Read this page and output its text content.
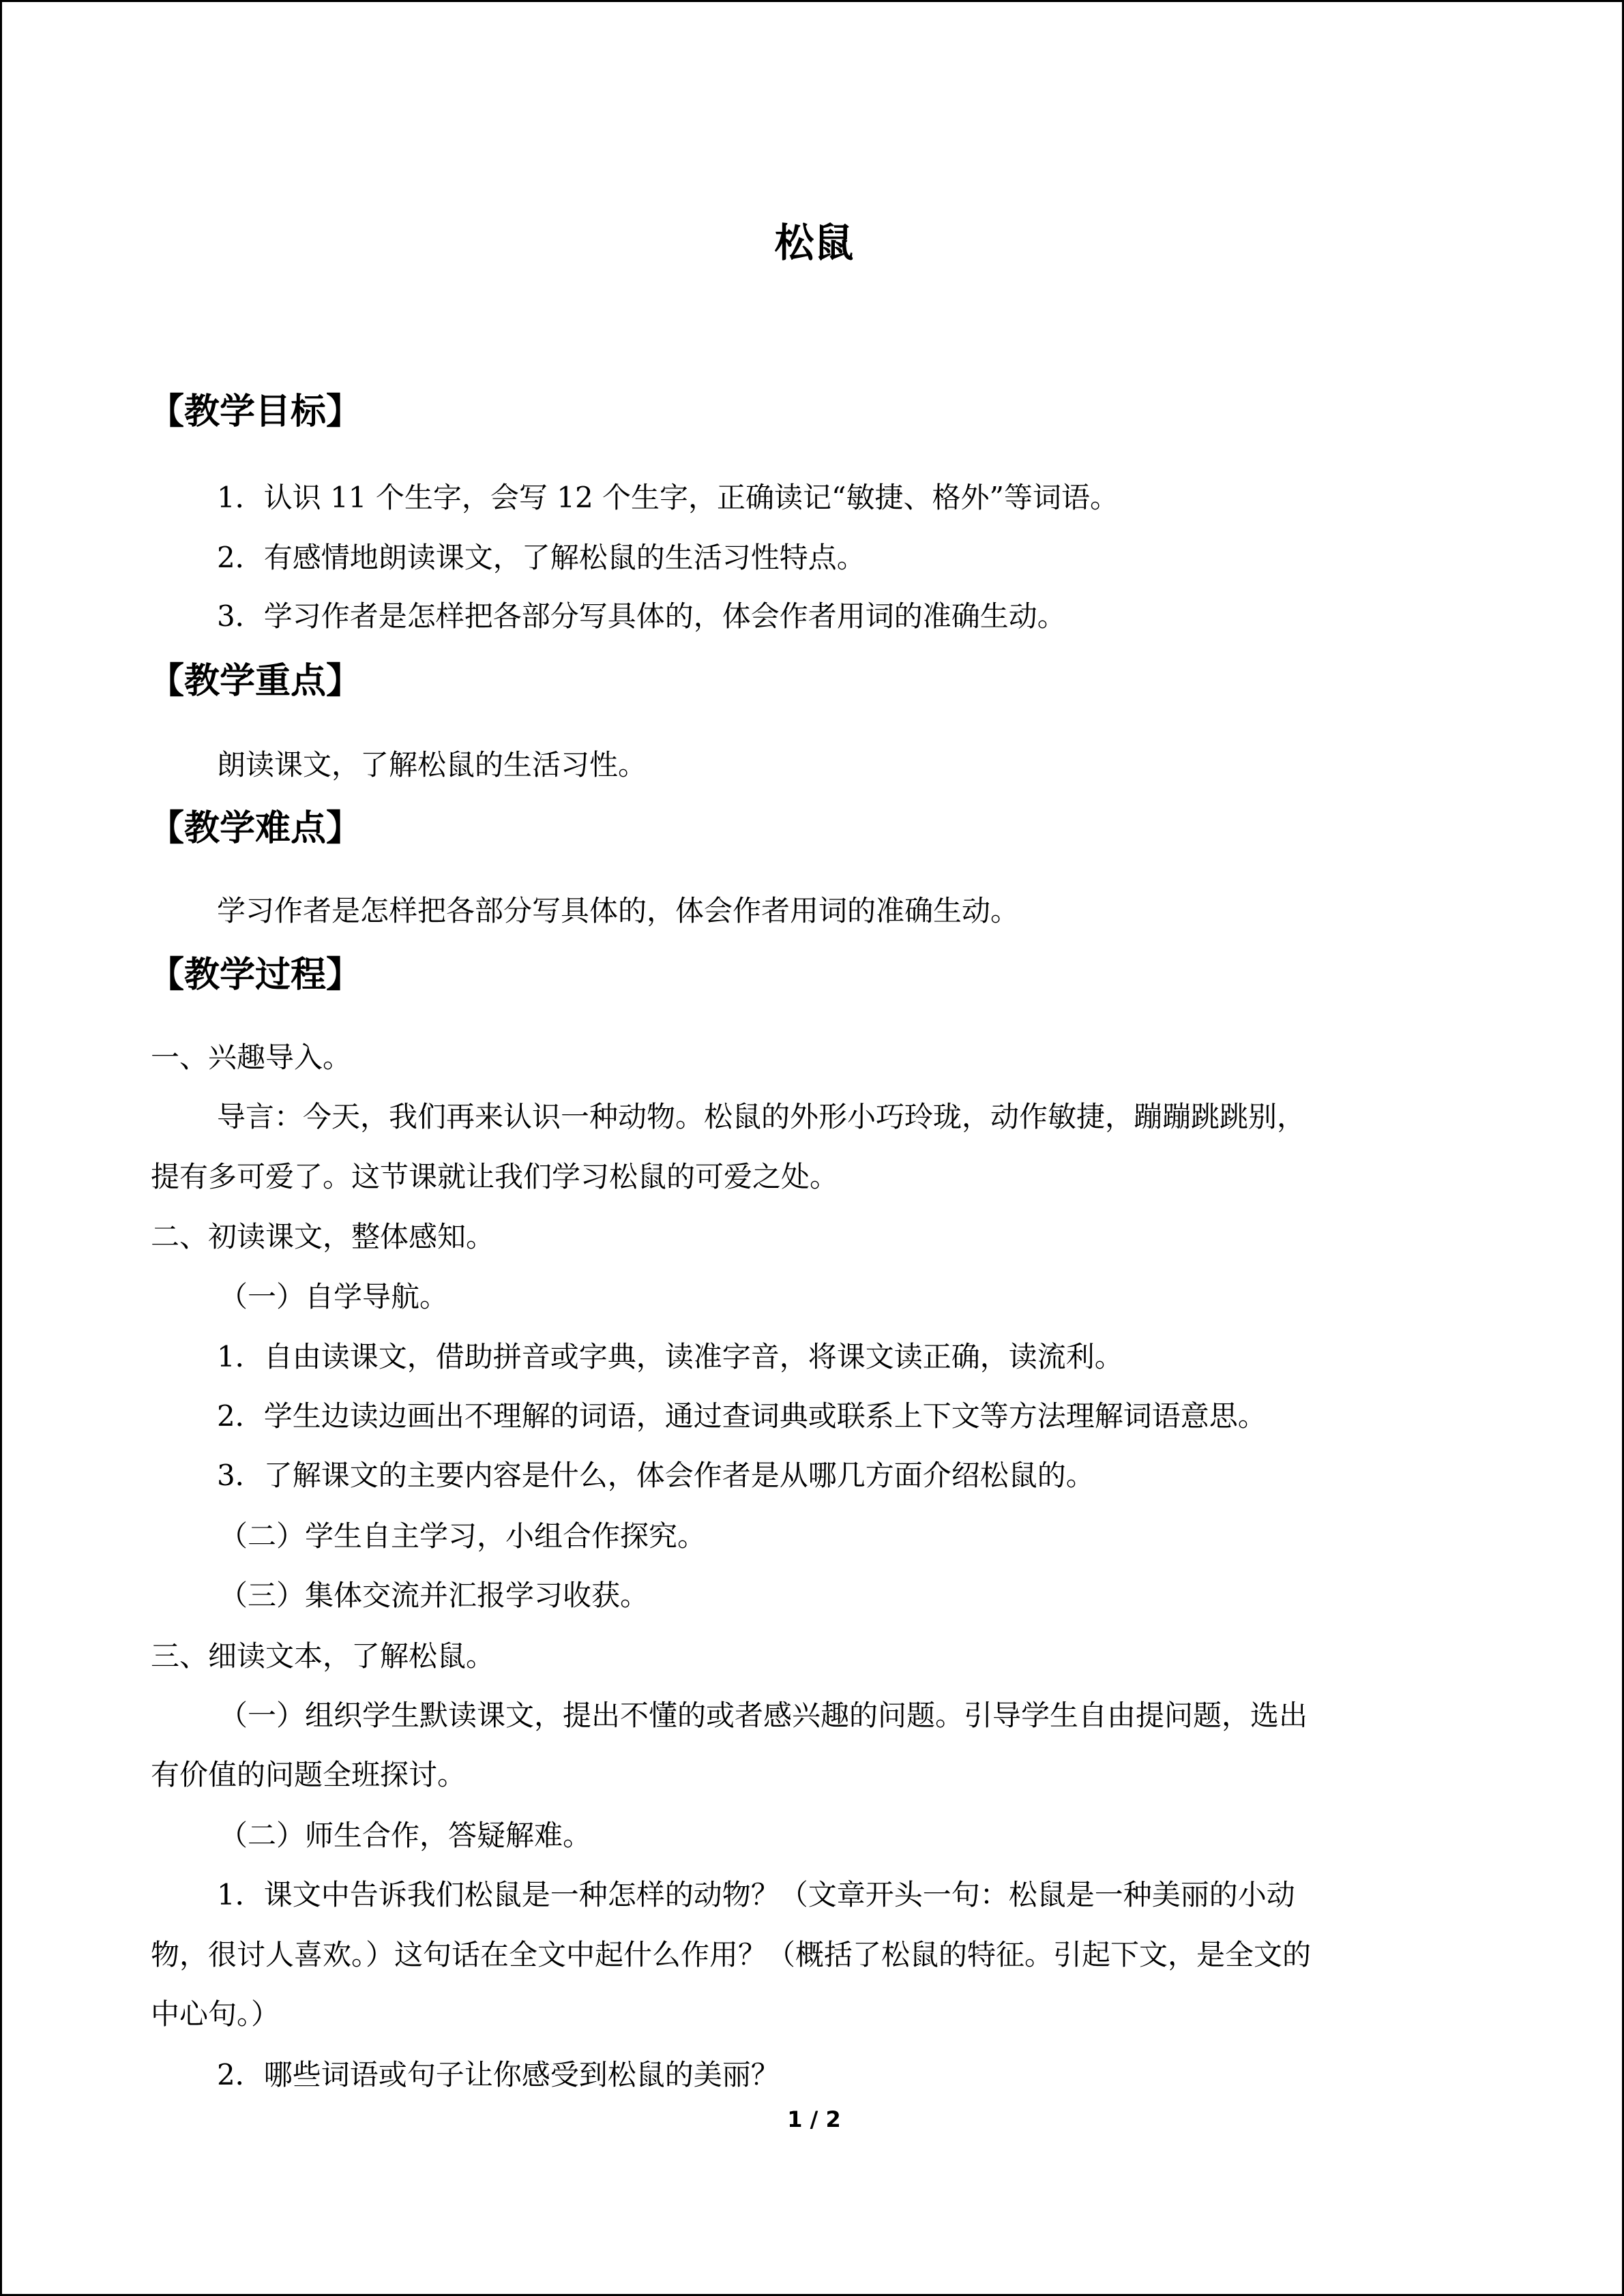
松鼠
【教学目标】
1．认识 11 个生字，会写 12 个生字，正确读记“敏捷、格外”等词语。
2．有感情地朗读课文，了解松鼠的生活习性特点。
3．学习作者是怎样把各部分写具体的，体会作者用词的准确生动。
【教学重点】
朗读课文，了解松鼠的生活习性。
【教学难点】
学习作者是怎样把各部分写具体的，体会作者用词的准确生动。
【教学过程】
一、兴趣导入。
导言：今天，我们再来认识一种动物。松鼠的外形小巧玲珑，动作敏捷，蹦蹦跳跳别，
提有多可爱了。这节课就让我们学习松鼠的可爱之处。
二、初读课文，整体感知。
（一）自学导航。
1．自由读课文，借助拼音或字典，读准字音，将课文读正确，读流利。
2．学生边读边画出不理解的词语，通过查词典或联系上下文等方法理解词语意思。
3．了解课文的主要内容是什么，体会作者是从哪几方面介绍松鼠的。
（二）学生自主学习，小组合作探究。
（三）集体交流并汇报学习收获。
三、细读文本，了解松鼠。
（一）组织学生默读课文，提出不懂的或者感兴趣的问题。引导学生自由提问题，选出
有价值的问题全班探讨。
（二）师生合作，答疑解难。
1．课文中告诉我们松鼠是一种怎样的动物？（文章开头一句：松鼠是一种美丽的小动
物，很讨人喜欢。）这句话在全文中起什么作用？（概括了松鼠的特征。引起下文，是全文的
中心句。）
2．哪些词语或句子让你感受到松鼠的美丽？
1 / 2
